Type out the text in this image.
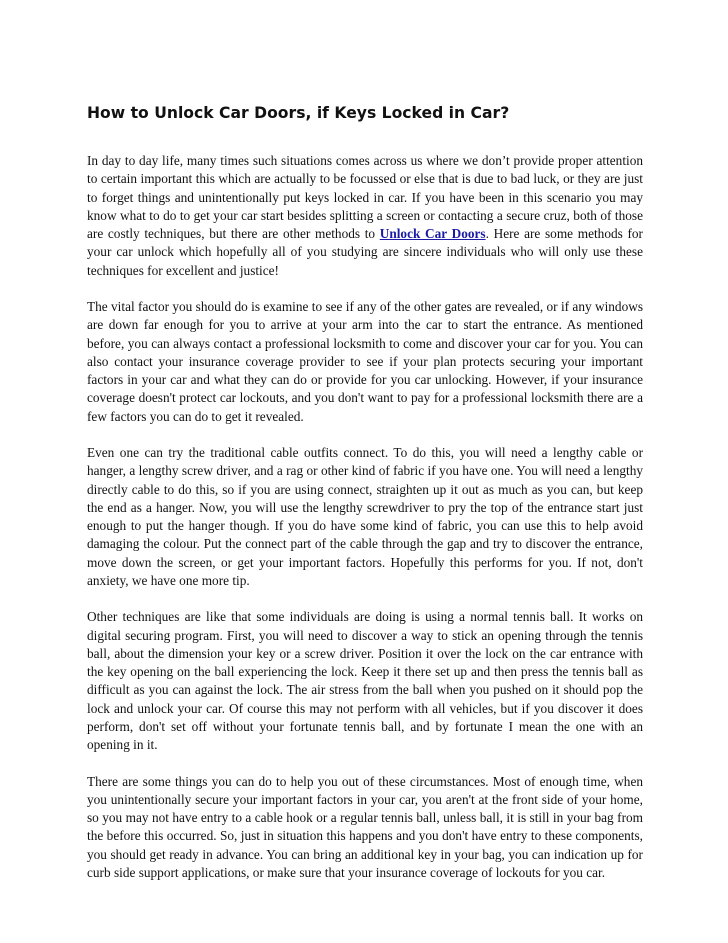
How to Unlock Car Doors, if Keys Locked in Car?

In day to day life, many times such situations comes across us where we don’t provide proper attention to certain important this which are actually to be focussed or else that is due to bad luck, or they are just to forget things and unintentionally put keys locked in car. If you have been in this scenario you may know what to do to get your car start besides splitting a screen or contacting a secure cruz, both of those are costly techniques, but there are other methods to Unlock Car Doors. Here are some methods for your car unlock which hopefully all of you studying are sincere individuals who will only use these techniques for excellent and justice!

The vital factor you should do is examine to see if any of the other gates are revealed, or if any windows are down far enough for you to arrive at your arm into the car to start the entrance. As mentioned before, you can always contact a professional locksmith to come and discover your car for you. You can also contact your insurance coverage provider to see if your plan protects securing your important factors in your car and what they can do or provide for you car unlocking. However, if your insurance coverage doesn't protect car lockouts, and you don't want to pay for a professional locksmith there are a few factors you can do to get it revealed.

Even one can try the traditional cable outfits connect. To do this, you will need a lengthy cable or hanger, a lengthy screw driver, and a rag or other kind of fabric if you have one. You will need a lengthy directly cable to do this, so if you are using connect, straighten up it out as much as you can, but keep the end as a hanger. Now, you will use the lengthy screwdriver to pry the top of the entrance start just enough to put the hanger though. If you do have some kind of fabric, you can use this to help avoid damaging the colour. Put the connect part of the cable through the gap and try to discover the entrance, move down the screen, or get your important factors. Hopefully this performs for you. If not, don't anxiety, we have one more tip.

Other techniques are like that some individuals are doing is using a normal tennis ball. It works on digital securing program. First, you will need to discover a way to stick an opening through the tennis ball, about the dimension your key or a screw driver. Position it over the lock on the car entrance with the key opening on the ball experiencing the lock. Keep it there set up and then press the tennis ball as difficult as you can against the lock. The air stress from the ball when you pushed on it should pop the lock and unlock your car. Of course this may not perform with all vehicles, but if you discover it does perform, don't set off without your fortunate tennis ball, and by fortunate I mean the one with an opening in it.

There are some things you can do to help you out of these circumstances. Most of enough time, when you unintentionally secure your important factors in your car, you aren't at the front side of your home, so you may not have entry to a cable hook or a regular tennis ball, unless ball, it is still in your bag from the before this occurred. So, just in situation this happens and you don't have entry to these components, you should get ready in advance. You can bring an additional key in your bag, you can indication up for curb side support applications, or make sure that your insurance coverage of lockouts for you car.
